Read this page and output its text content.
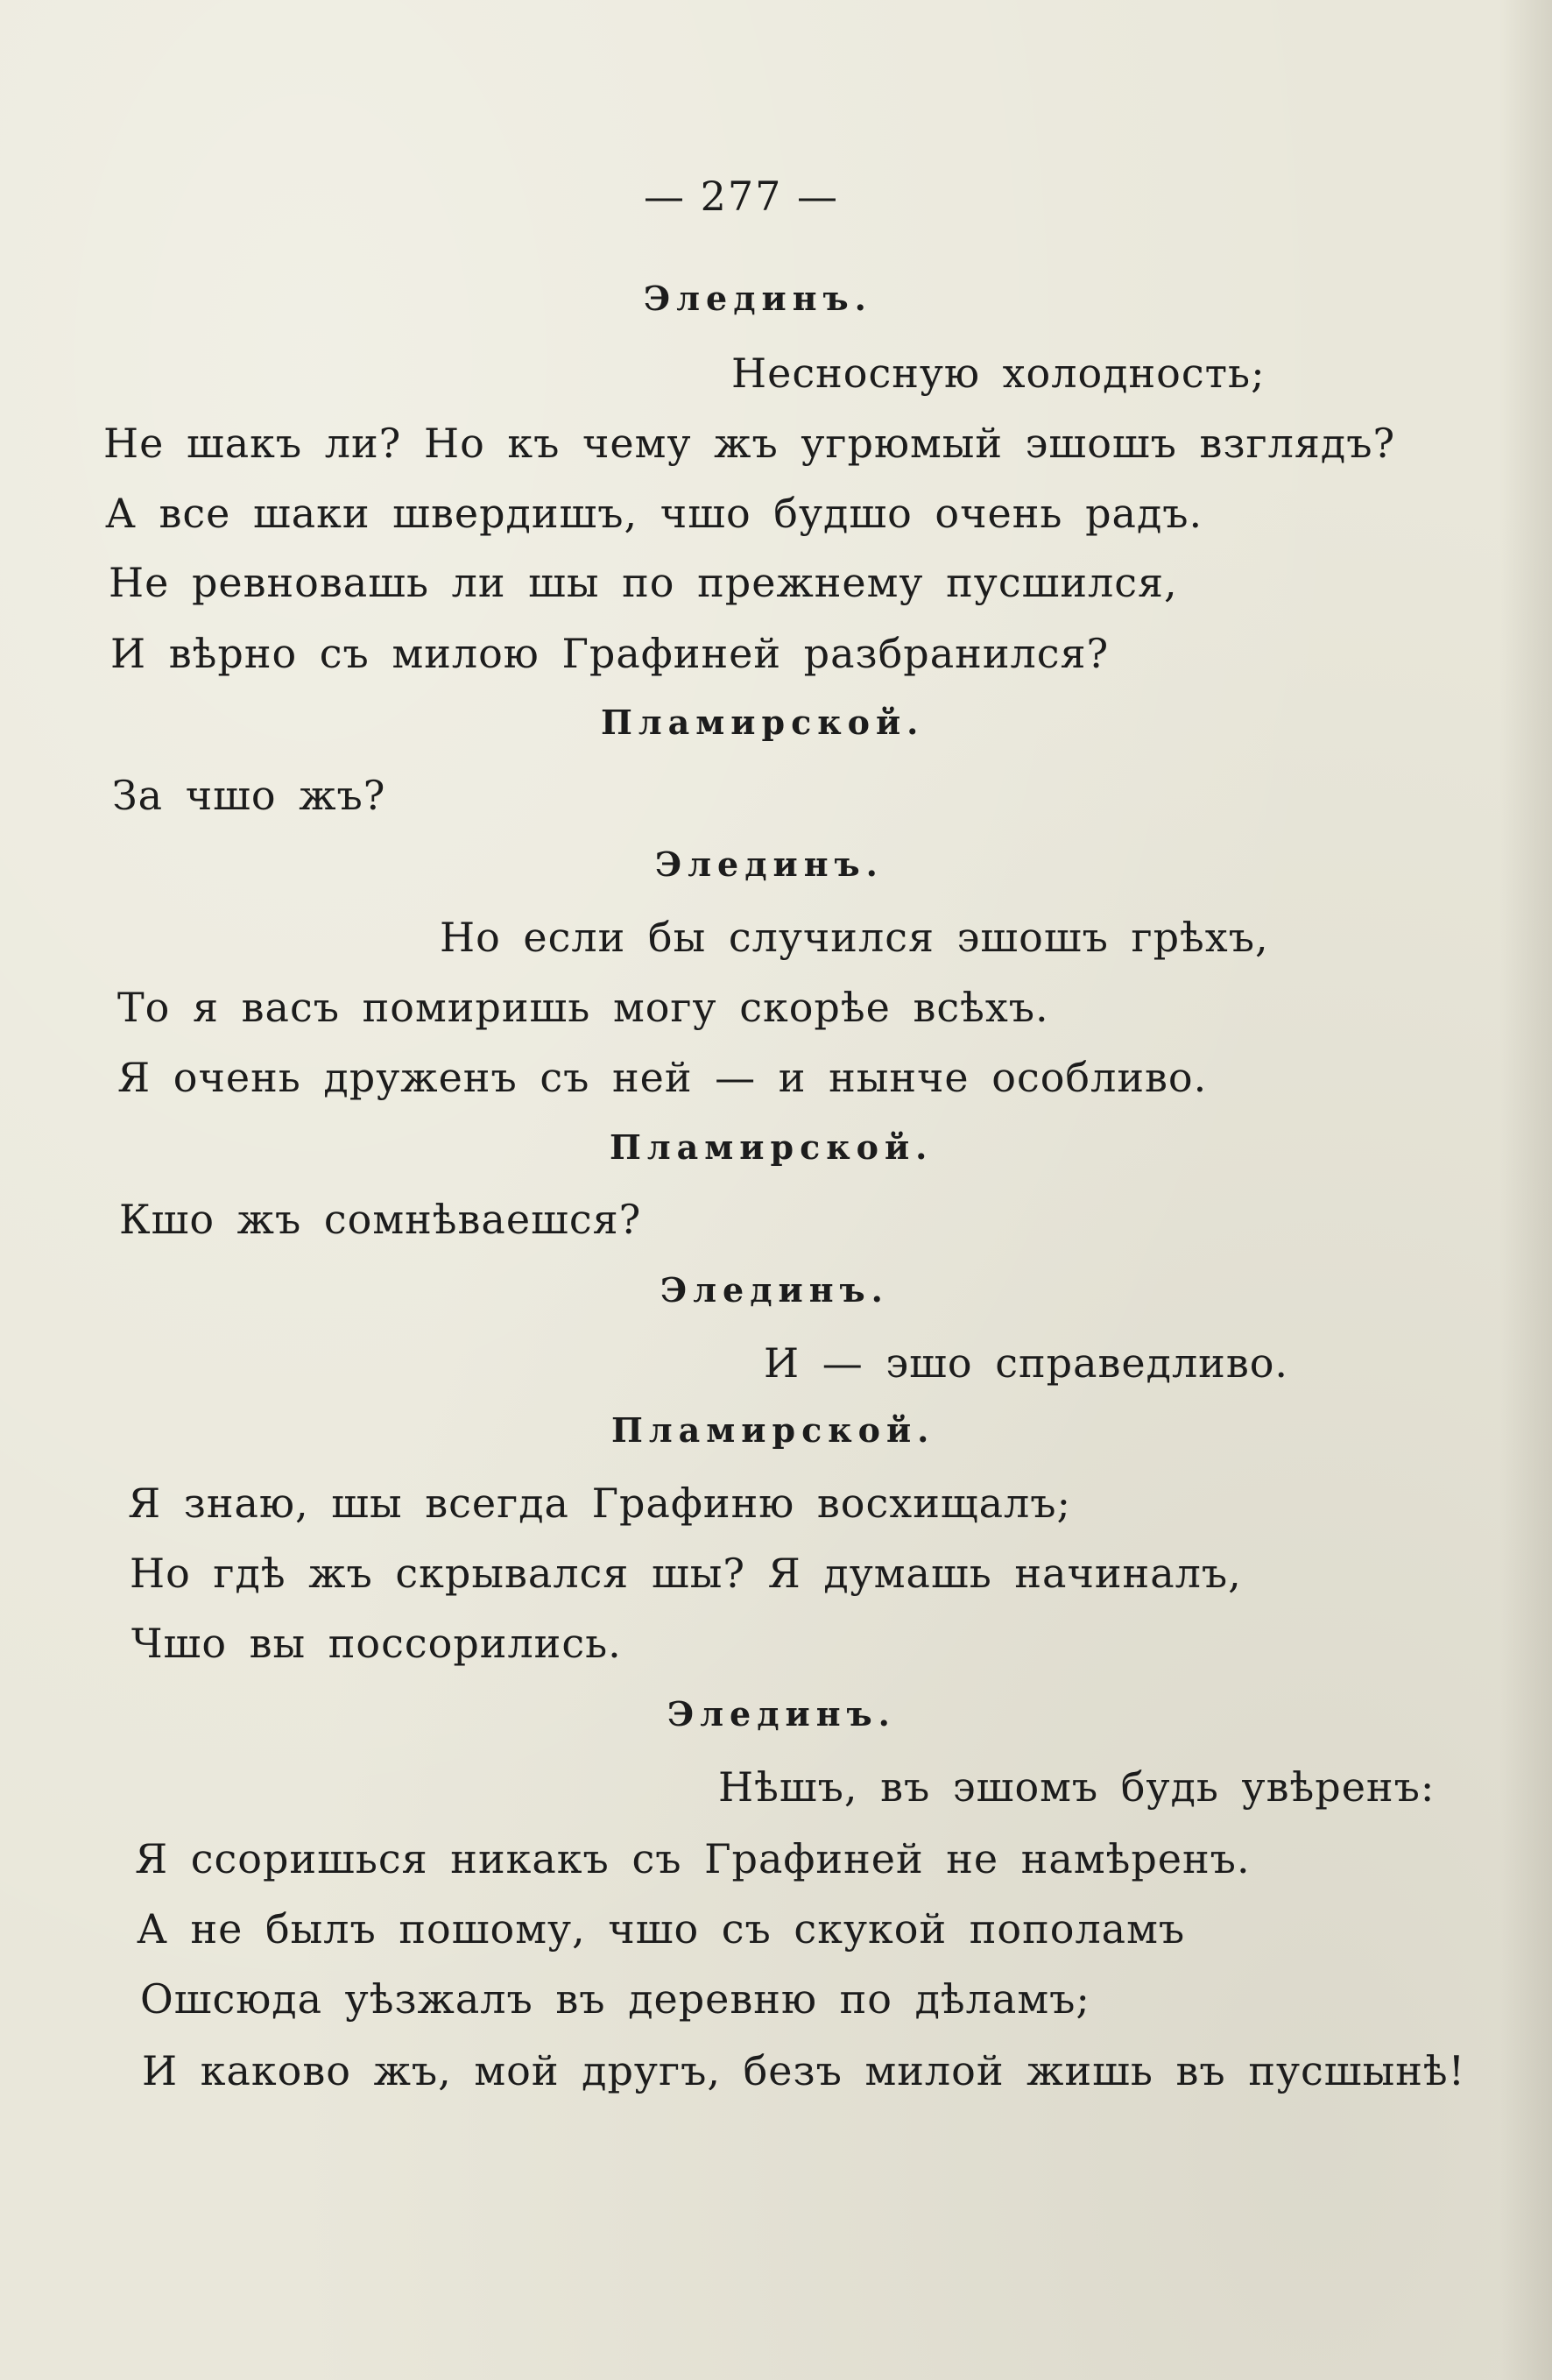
— 277 —
Элединъ.
Несносную холодность;
Не шакъ ли? Но къ чему жъ угрюмый эшошъ взглядъ?
А все шаки швердишъ, чшо будшо очень радъ.
Не ревновашь ли шы по прежнему пусшился,
И вѣрно съ милою Графиней разбранился?
Пламирской.
За чшо жъ?
Элединъ.
Но если бы случился эшошъ грѣхъ,
То я васъ помиришь могу скорѣе всѣхъ.
Я очень друженъ съ ней — и нынче особливо.
Пламирской.
Кшо жъ сомнѣваешся?
Элединъ.
И — эшо справедливо.
Пламирской.
Я знаю, шы всегда Графиню восхищалъ;
Но гдѣ жъ скрывался шы? Я думашь начиналъ,
Чшо вы поссорились.
Элединъ.
Нѣшъ, въ эшомъ будь увѣренъ:
Я ссоришься никакъ съ Графиней не намѣренъ.
А не былъ пошому, чшо съ скукой пополамъ
Ошсюда уѣзжалъ въ деревню по дѣламъ;
И каково жъ, мой другъ, безъ милой жишь въ пусшынѣ!
